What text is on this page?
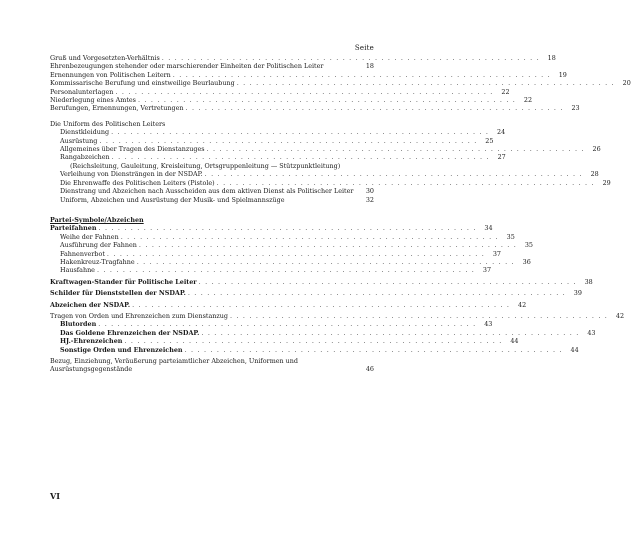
Seite
Gruß und Vorgesetzten-Verhältnis . . . . . . . . . . . . . . . . . . . . . . . . . . . . . . . . . . . . . . . . . . . . . . . . . . . . . . . . . . .	18
Ehrenbezeugungen stehender oder marschierender Einheiten der Politischen Leiter	18
Ernennungen von Politischen Leitern . . . . . . . . . . . . . . . . . . . . . . . . . . . . . . . . . . . . . . . . . . . . . . . . . . . . . . . . . . .	19
Kommissarische Berufung und einstweilige Beurlaubung . . . . . . . . . . . . . . . . . . . . . . . . . . . . . . . . . . . . . . . . . . . . . . . . . . . . . . . . . . .	20
Personalunterlagen . . . . . . . . . . . . . . . . . . . . . . . . . . . . . . . . . . . . . . . . . . . . . . . . . . . . . . . . . . .	22
Niederlegung eines Amtes . . . . . . . . . . . . . . . . . . . . . . . . . . . . . . . . . . . . . . . . . . . . . . . . . . . . . . . . . . .	22
Berufungen, Ernennungen, Vertretungen . . . . . . . . . . . . . . . . . . . . . . . . . . . . . . . . . . . . . . . . . . . . . . . . . . . . . . . . . . .	23
Die Uniform des Politischen Leiters
Dienstkleidung . . . . . . . . . . . . . . . . . . . . . . . . . . . . . . . . . . . . . . . . . . . . . . . . . . . . . . . . . . .	24
Ausrüstung . . . . . . . . . . . . . . . . . . . . . . . . . . . . . . . . . . . . . . . . . . . . . . . . . . . . . . . . . . .	25
Allgemeines über Tragen des Dienstanzuges . . . . . . . . . . . . . . . . . . . . . . . . . . . . . . . . . . . . . . . . . . . . . . . . . . . . . . . . . . .	26
Rangabzeichen . . . . . . . . . . . . . . . . . . . . . . . . . . . . . . . . . . . . . . . . . . . . . . . . . . . . . . . . . . .	27
(Reichsleitung, Gauleitung, Kreisleitung, Ortsgruppenleitung — Stützpunktleitung)
Verleihung von Diensträngen in der NSDAP. . . . . . . . . . . . . . . . . . . . . . . . . . . . . . . . . . . . . . . . . . . . . . . . . . . . . . . . . . . .	28
Die Ehrenwaffe des Politischen Leiters (Pistole) . . . . . . . . . . . . . . . . . . . . . . . . . . . . . . . . . . . . . . . . . . . . . . . . . . . . . . . . . . .	29
Dienstrang und Abzeichen nach Ausscheiden aus dem aktiven Dienst als Politischer Leiter	30
Uniform, Abzeichen und Ausrüstung der Musik- und Spielmannszüge	32
Partei-Symbole/Abzeichen
Parteifahnen . . . . . . . . . . . . . . . . . . . . . . . . . . . . . . . . . . . . . . . . . . . . . . . . . . . . . . . . . . .	34
Weihe der Fahnen . . . . . . . . . . . . . . . . . . . . . . . . . . . . . . . . . . . . . . . . . . . . . . . . . . . . . . . . . . .	35
Ausführung der Fahnen . . . . . . . . . . . . . . . . . . . . . . . . . . . . . . . . . . . . . . . . . . . . . . . . . . . . . . . . . . .	35
Fahnenverbot . . . . . . . . . . . . . . . . . . . . . . . . . . . . . . . . . . . . . . . . . . . . . . . . . . . . . . . . . . .	37
Hakenkreuz-Tragfahne . . . . . . . . . . . . . . . . . . . . . . . . . . . . . . . . . . . . . . . . . . . . . . . . . . . . . . . . . . .	36
Hausfahne . . . . . . . . . . . . . . . . . . . . . . . . . . . . . . . . . . . . . . . . . . . . . . . . . . . . . . . . . . .	37
Kraftwagen-Stander für Politische Leiter . . . . . . . . . . . . . . . . . . . . . . . . . . . . . . . . . . . . . . . . . . . . . . . . . . . . . . . . . . .	38
Schilder für Dienststellen der NSDAP. . . . . . . . . . . . . . . . . . . . . . . . . . . . . . . . . . . . . . . . . . . . . . . . . . . . . . . . . . . .	39
Abzeichen der NSDAP. . . . . . . . . . . . . . . . . . . . . . . . . . . . . . . . . . . . . . . . . . . . . . . . . . . . . . . . . . . .	42
Tragen von Orden und Ehrenzeichen zum Dienstanzug . . . . . . . . . . . . . . . . . . . . . . . . . . . . . . . . . . . . . . . . . . . . . . . . . . . . . . . . . . .	42
Blutorden . . . . . . . . . . . . . . . . . . . . . . . . . . . . . . . . . . . . . . . . . . . . . . . . . . . . . . . . . . .	43
Das Goldene Ehrenzeichen der NSDAP. . . . . . . . . . . . . . . . . . . . . . . . . . . . . . . . . . . . . . . . . . . . . . . . . . . . . . . . . . . .	43
HJ.-Ehrenzeichen . . . . . . . . . . . . . . . . . . . . . . . . . . . . . . . . . . . . . . . . . . . . . . . . . . . . . . . . . . .	44
Sonstige Orden und Ehrenzeichen . . . . . . . . . . . . . . . . . . . . . . . . . . . . . . . . . . . . . . . . . . . . . . . . . . . . . . . . . . .	44
Bezug, Einziehung, Veräußerung parteiamtlicher Abzeichen, Uniformen und Ausrüstungsgegenstände	46
VI
